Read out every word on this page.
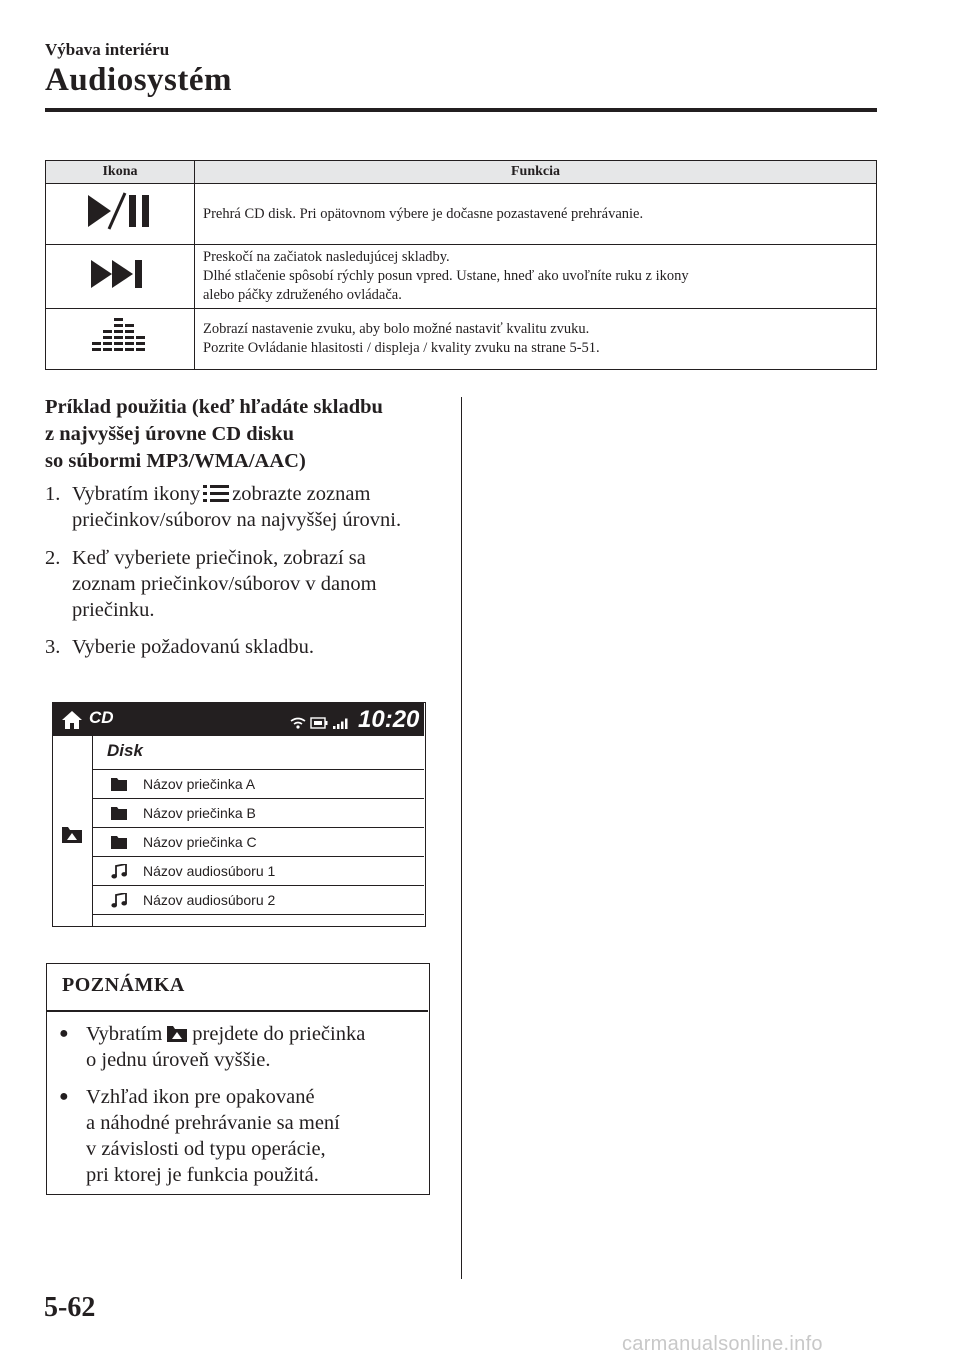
Výbava interiéru
Audiosystém
Ikona	Funkcia

Prehrá CD disk. Pri opätovnom výbere je dočasne pozastavené prehrávanie.

Preskočí na začiatok nasledujúcej skladby.
Dlhé stlačenie spôsobí rýchly posun vpred. Ustane, hneď ako uvoľníte ruku z ikony
alebo páčky združeného ovládača.

Zobrazí nastavenie zvuku, aby bolo možné nastaviť kvalitu zvuku.
Pozrite Ovládanie hlasitosti / displeja / kvality zvuku na strane 5-51.
Príklad použitia (keď hľadáte skladbu
z najvyššej úrovne CD disku
so súbormi MP3/WMA/AAC)
1. Vybratím ikony zobrazte zoznam
priečinkov/súborov na najvyššej úrovni.
2. Keď vyberiete priečinok, zobrazí sa
zoznam priečinkov/súborov v danom
priečinku.
3. Vyberie požadovanú skladbu.
CD	10:20
Disk
Názov priečinka A
Názov priečinka B
Názov priečinka C
Názov audiosúboru 1
Názov audiosúboru 2
POZNÁMKA
● Vybratím prejdete do priečinka
o jednu úroveň vyššie.
● Vzhľad ikon pre opakované
a náhodné prehrávanie sa mení
v závislosti od typu operácie,
pri ktorej je funkcia použitá.
5-62
carmanualsonline.info
